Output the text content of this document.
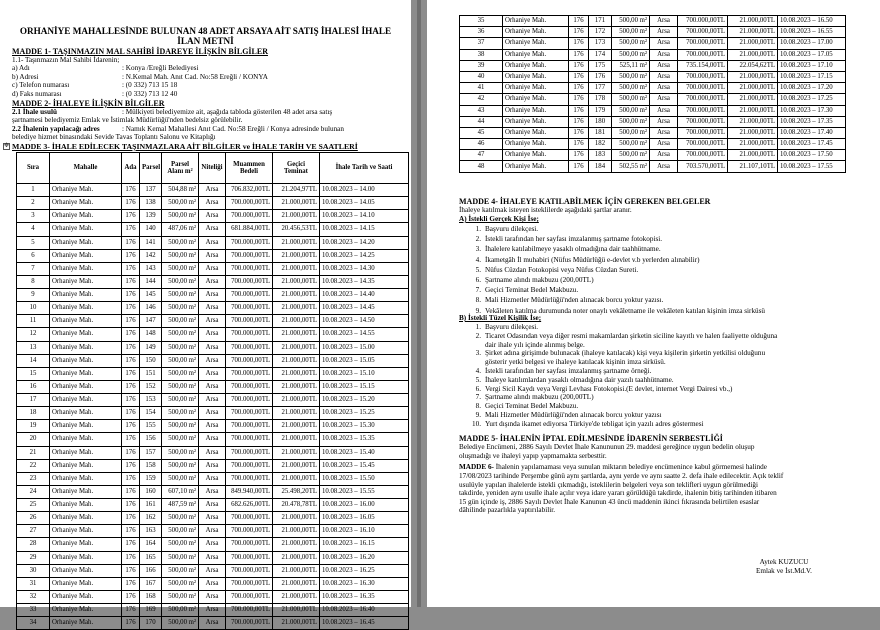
ORHANİYE MAHALLESİNDE BULUNAN 48 ADET ARSAYA AİT SATIŞ İHALESİ İHALE
İLAN METNİ
MADDE 1- TAŞINMAZIN MAL SAHİBİ İDAREYE İLİŞKİN BİLGİLER
1.1- Taşınmazın Mal Sahibi İdarenin;
a) Adı	: Konya /Ereğli Belediyesi
b) Adresi	: N.Kemal Mah. Anıt Cad. No:58 Ereğli / KONYA
c) Telefon numarası	: (0 332) 713 15 18
d) Faks numarası	: (0 332) 713 12 40
MADDE 2- İHALEYE İLİŞKİN BİLGİLER
2.1 İhale usulü	: Mülkiyeti belediyemize ait, aşağıda tabloda gösterilen 48 adet arsa satış
şartnamesi belediyemiz Emlak ve İstimlak Müdürlüğü'nden bedelsiz görülebilir.
2.2 İhalenin yapılacağı adres	: Namık Kemal Mahallesi Anıt Cad. No:58 Ereğli / Konya adresinde bulunan
belediye hizmet binasındaki Sevide Tavas Toplantı Salonu ve Kitaplığı
✥ MADDE 3- İHALE EDİLECEK TAŞINMAZLARA AİT BİLGİLER ve İHALE TARİH VE SAATLERİ
Sıra	Mahalle	Ada	Parsel	Parsel Alanı m²	Niteliği	Muammen Bedeli	Geçici Teminat	İhale Tarih ve Saati
1	Orhaniye Mah.	176	137	504,88 m²	Arsa	706.832,00TL	21.204,97TL	10.08.2023 – 14.00
2	Orhaniye Mah.	176	138	500,00 m²	Arsa	700.000,00TL	21.000,00TL	10.08.2023 – 14.05
3	Orhaniye Mah.	176	139	500,00 m²	Arsa	700.000,00TL	21.000,00TL	10.08.2023 – 14.10
4	Orhaniye Mah.	176	140	487,06 m²	Arsa	681.884,00TL	20.456,53TL	10.08.2023 – 14.15
5	Orhaniye Mah.	176	141	500,00 m²	Arsa	700.000,00TL	21.000,00TL	10.08.2023 – 14.20
6	Orhaniye Mah.	176	142	500,00 m²	Arsa	700.000,00TL	21.000,00TL	10.08.2023 – 14.25
7	Orhaniye Mah.	176	143	500,00 m²	Arsa	700.000,00TL	21.000,00TL	10.08.2023 – 14.30
8	Orhaniye Mah.	176	144	500,00 m²	Arsa	700.000,00TL	21.000,00TL	10.08.2023 – 14.35
9	Orhaniye Mah.	176	145	500,00 m²	Arsa	700.000,00TL	21.000,00TL	10.08.2023 – 14.40
10	Orhaniye Mah.	176	146	500,00 m²	Arsa	700.000,00TL	21.000,00TL	10.08.2023 – 14.45
11	Orhaniye Mah.	176	147	500,00 m²	Arsa	700.000,00TL	21.000,00TL	10.08.2023 – 14.50
12	Orhaniye Mah.	176	148	500,00 m²	Arsa	700.000,00TL	21.000,00TL	10.08.2023 – 14.55
13	Orhaniye Mah.	176	149	500,00 m²	Arsa	700.000,00TL	21.000,00TL	10.08.2023 – 15.00
14	Orhaniye Mah.	176	150	500,00 m²	Arsa	700.000,00TL	21.000,00TL	10.08.2023 – 15.05
15	Orhaniye Mah.	176	151	500,00 m²	Arsa	700.000,00TL	21.000,00TL	10.08.2023 – 15.10
16	Orhaniye Mah.	176	152	500,00 m²	Arsa	700.000,00TL	21.000,00TL	10.08.2023 – 15.15
17	Orhaniye Mah.	176	153	500,00 m²	Arsa	700.000,00TL	21.000,00TL	10.08.2023 – 15.20
18	Orhaniye Mah.	176	154	500,00 m²	Arsa	700.000,00TL	21.000,00TL	10.08.2023 – 15.25
19	Orhaniye Mah.	176	155	500,00 m²	Arsa	700.000,00TL	21.000,00TL	10.08.2023 – 15.30
20	Orhaniye Mah.	176	156	500,00 m²	Arsa	700.000,00TL	21.000,00TL	10.08.2023 – 15.35
21	Orhaniye Mah.	176	157	500,00 m²	Arsa	700.000,00TL	21.000,00TL	10.08.2023 – 15.40
22	Orhaniye Mah.	176	158	500,00 m²	Arsa	700.000,00TL	21.000,00TL	10.08.2023 – 15.45
23	Orhaniye Mah.	176	159	500,00 m²	Arsa	700.000,00TL	21.000,00TL	10.08.2023 – 15.50
24	Orhaniye Mah.	176	160	607,10 m²	Arsa	849.940,00TL	25.498,20TL	10.08.2023 – 15.55
25	Orhaniye Mah.	176	161	487,59 m²	Arsa	682.626,00TL	20.478,78TL	10.08.2023 – 16.00
26	Orhaniye Mah.	176	162	500,00 m²	Arsa	700.000,00TL	21.000,00TL	10.08.2023 – 16.05
27	Orhaniye Mah.	176	163	500,00 m²	Arsa	700.000,00TL	21.000,00TL	10.08.2023 – 16.10
28	Orhaniye Mah.	176	164	500,00 m²	Arsa	700.000,00TL	21.000,00TL	10.08.2023 – 16.15
29	Orhaniye Mah.	176	165	500,00 m²	Arsa	700.000,00TL	21.000,00TL	10.08.2023 – 16.20
30	Orhaniye Mah.	176	166	500,00 m²	Arsa	700.000,00TL	21.000,00TL	10.08.2023 – 16.25
31	Orhaniye Mah.	176	167	500,00 m²	Arsa	700.000,00TL	21.000,00TL	10.08.2023 – 16.30
32	Orhaniye Mah.	176	168	500,00 m²	Arsa	700.000,00TL	21.000,00TL	10.08.2023 – 16.35
33	Orhaniye Mah.	176	169	500,00 m²	Arsa	700.000,00TL	21.000,00TL	10.08.2023 – 16.40
34	Orhaniye Mah.	176	170	500,00 m²	Arsa	700.000,00TL	21.000,00TL	10.08.2023 – 16.45
35	Orhaniye Mah.	176	171	500,00 m²	Arsa	700.000,00TL	21.000,00TL	10.08.2023 – 16.50
36	Orhaniye Mah.	176	172	500,00 m²	Arsa	700.000,00TL	21.000,00TL	10.08.2023 – 16.55
37	Orhaniye Mah.	176	173	500,00 m²	Arsa	700.000,00TL	21.000,00TL	10.08.2023 – 17.00
38	Orhaniye Mah.	176	174	500,00 m²	Arsa	700.000,00TL	21.000,00TL	10.08.2023 – 17.05
39	Orhaniye Mah.	176	175	525,11 m²	Arsa	735.154,00TL	22.054,62TL	10.08.2023 – 17.10
40	Orhaniye Mah.	176	176	500,00 m²	Arsa	700.000,00TL	21.000,00TL	10.08.2023 – 17.15
41	Orhaniye Mah.	176	177	500,00 m²	Arsa	700.000,00TL	21.000,00TL	10.08.2023 – 17.20
42	Orhaniye Mah.	176	178	500,00 m²	Arsa	700.000,00TL	21.000,00TL	10.08.2023 – 17.25
43	Orhaniye Mah.	176	179	500,00 m²	Arsa	700.000,00TL	21.000,00TL	10.08.2023 – 17.30
44	Orhaniye Mah.	176	180	500,00 m²	Arsa	700.000,00TL	21.000,00TL	10.08.2023 – 17.35
45	Orhaniye Mah.	176	181	500,00 m²	Arsa	700.000,00TL	21.000,00TL	10.08.2023 – 17.40
46	Orhaniye Mah.	176	182	500,00 m²	Arsa	700.000,00TL	21.000,00TL	10.08.2023 – 17.45
47	Orhaniye Mah.	176	183	500,00 m²	Arsa	700.000,00TL	21.000,00TL	10.08.2023 – 17.50
48	Orhaniye Mah.	176	184	502,55 m²	Arsa	703.570,00TL	21.107,10TL	10.08.2023 – 17.55
MADDE 4- İHALEYE KATILABİLMEK İÇİN GEREKEN BELGELER
İhaleye katılmak isteyen isteklilerde aşağıdaki şartlar aranır.
A) İstekli Gerçek Kişi İse;
1. Başvuru dilekçesi.
2. İstekli tarafından her sayfası imzalanmış şartname fotokopisi.
3. İhalelere katılabilmeye yasaklı olmadığına dair taahhütname.
4. İkametgâh İl muhabiri (Nüfus Müdürlüğü e-devlet v.b yerlerden alınabilir)
5. Nüfus Cüzdan Fotokopisi veya Nüfus Cüzdan Sureti.
6. Şartname alındı makbuzu (200,00TL)
7. Geçici Teminat Bedel Makbuzu.
8. Mali Hizmetler Müdürlüğü'nden alınacak borcu yoktur yazısı.
9. Vekâleten katılma durumunda noter onaylı vekâletname ile vekâleten katılan kişinin imza sirküsü
B) İstekli Tüzel Kişilik İse;
1. Başvuru dilekçesi.
2. Ticaret Odasından veya diğer resmi makamlardan şirketin siciline kayıtlı ve halen faaliyette olduğuna
dair ihale yılı içinde alınmış belge.
3. Şirket adına girişimde bulunacak (ihaleye katılacak) kişi veya kişilerin şirketin yetkilisi olduğunu
gösterir yetki belgesi ve ihaleye katılacak kişinin imza sirküsü.
4. İstekli tarafından her sayfası imzalanmış şartname örneği.
5. İhaleye katılımlardan yasaklı olmadığına dair yazılı taahhütname.
6. Vergi Sicil Kaydı veya Vergi Levhası Fotokopisi.(E devlet, internet Vergi Dairesi vb.,)
7. Şartname alındı makbuzu (200,00TL)
8. Geçici Teminat Bedel Makbuzu.
9. Mali Hizmetler Müdürlüğü'nden alınacak borcu yoktur yazısı
10. Yurt dışında ikamet ediyorsa Türkiye'de tebligat için yazılı adres göstermesi
MADDE 5- İHALENİN İPTAL EDİLMESİNDE İDARENİN SERBESTLİĞİ
Belediye Encümeni, 2886 Sayılı Devlet İhale Kanununun 29. maddesi gereğince uygun bedelin oluşup
oluşmadığı ve ihaleyi yapıp yapmamakta serbesttir.
MADDE 6- İhalenin yapılamaması veya sunulan miktarın belediye encümenince kabul görmemesi halinde
17/08/2023 tarihinde Perşembe günü aynı şartlarda, aynı yerde ve aynı saatte 2. defa ihale edilecektir. Açık teklif
usulüyle yapılan ihalelerde istekli çıkmadığı, isteklilerin belgeleri veya son teklifleri uygun görülmediği
takdirde, yeniden aynı usulle ihale açılır veya idare yararı görüldüğü takdirde, ihalenin bitiş tarihinden itibaren
15 gün içinde iş, 2886 Sayılı Devlet İhale Kanunun 43 üncü maddenin ikinci fıkrasında belirtilen esaslar
dâhilinde pazarlıkla yaptırılabilir.
Aytek KUZUCU
Emlak ve İst.Md.V.
